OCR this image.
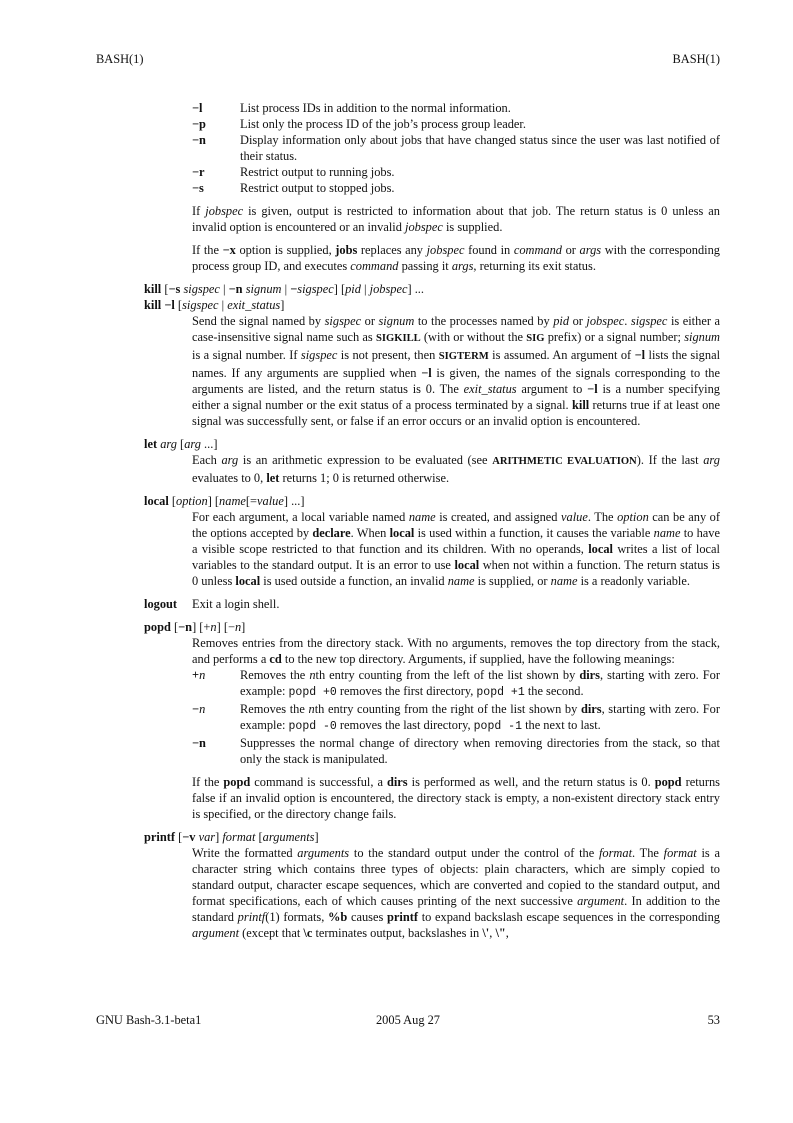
BASH(1)	BASH(1)
−l	List process IDs in addition to the normal information.
−p	List only the process ID of the job’s process group leader.
−n	Display information only about jobs that have changed status since the user was last notified of their status.
−r	Restrict output to running jobs.
−s	Restrict output to stopped jobs.

If jobspec is given, output is restricted to information about that job. The return status is 0 unless an invalid option is encountered or an invalid jobspec is supplied.

If the −x option is supplied, jobs replaces any jobspec found in command or args with the corresponding process group ID, and executes command passing it args, returning its exit status.

kill [−s sigspec | −n signum | −sigspec] [pid | jobspec] ...
kill −l [sigspec | exit_status]

Send the signal named by sigspec or signum to the processes named by pid or jobspec. sigspec is either a case-insensitive signal name such as SIGKILL (with or without the SIG prefix) or a signal number; signum is a signal number. If sigspec is not present, then SIGTERM is assumed. An argument of −l lists the signal names. If any arguments are supplied when −l is given, the names of the signals corresponding to the arguments are listed, and the return status is 0. The exit_status argument to −l is a number specifying either a signal number or the exit status of a process terminated by a signal. kill returns true if at least one signal was successfully sent, or false if an error occurs or an invalid option is encountered.

let arg [arg ...]

Each arg is an arithmetic expression to be evaluated (see ARITHMETIC EVALUATION). If the last arg evaluates to 0, let returns 1; 0 is returned otherwise.

local [option] [name[=value] ...]

For each argument, a local variable named name is created, and assigned value. The option can be any of the options accepted by declare. When local is used within a function, it causes the variable name to have a visible scope restricted to that function and its children. With no operands, local writes a list of local variables to the standard output. It is an error to use local when not within a function. The return status is 0 unless local is used outside a function, an invalid name is supplied, or name is a readonly variable.

logout	Exit a login shell.
popd [−n] [+n] [−n]

Removes entries from the directory stack. With no arguments, removes the top directory from the stack, and performs a cd to the new top directory. Arguments, if supplied, have the following meanings:

+n	Removes the nth entry counting from the left of the list shown by dirs, starting with zero. For example: popd +0 removes the first directory, popd +1 the second.
−n	Removes the nth entry counting from the right of the list shown by dirs, starting with zero. For example: popd -0 removes the last directory, popd -1 the next to last.
−n	Suppresses the normal change of directory when removing directories from the stack, so that only the stack is manipulated.

If the popd command is successful, a dirs is performed as well, and the return status is 0. popd returns false if an invalid option is encountered, the directory stack is empty, a non-existent directory stack entry is specified, or the directory change fails.

printf [−v var] format [arguments]

Write the formatted arguments to the standard output under the control of the format. The format is a character string which contains three types of objects: plain characters, which are simply copied to standard output, character escape sequences, which are converted and copied to the standard output, and format specifications, each of which causes printing of the next successive argument. In addition to the standard printf(1) formats, %b causes printf to expand backslash escape sequences in the corresponding argument (except that \c terminates output, backslashes in \', \",

GNU Bash-3.1-beta1	2005 Aug 27	53
